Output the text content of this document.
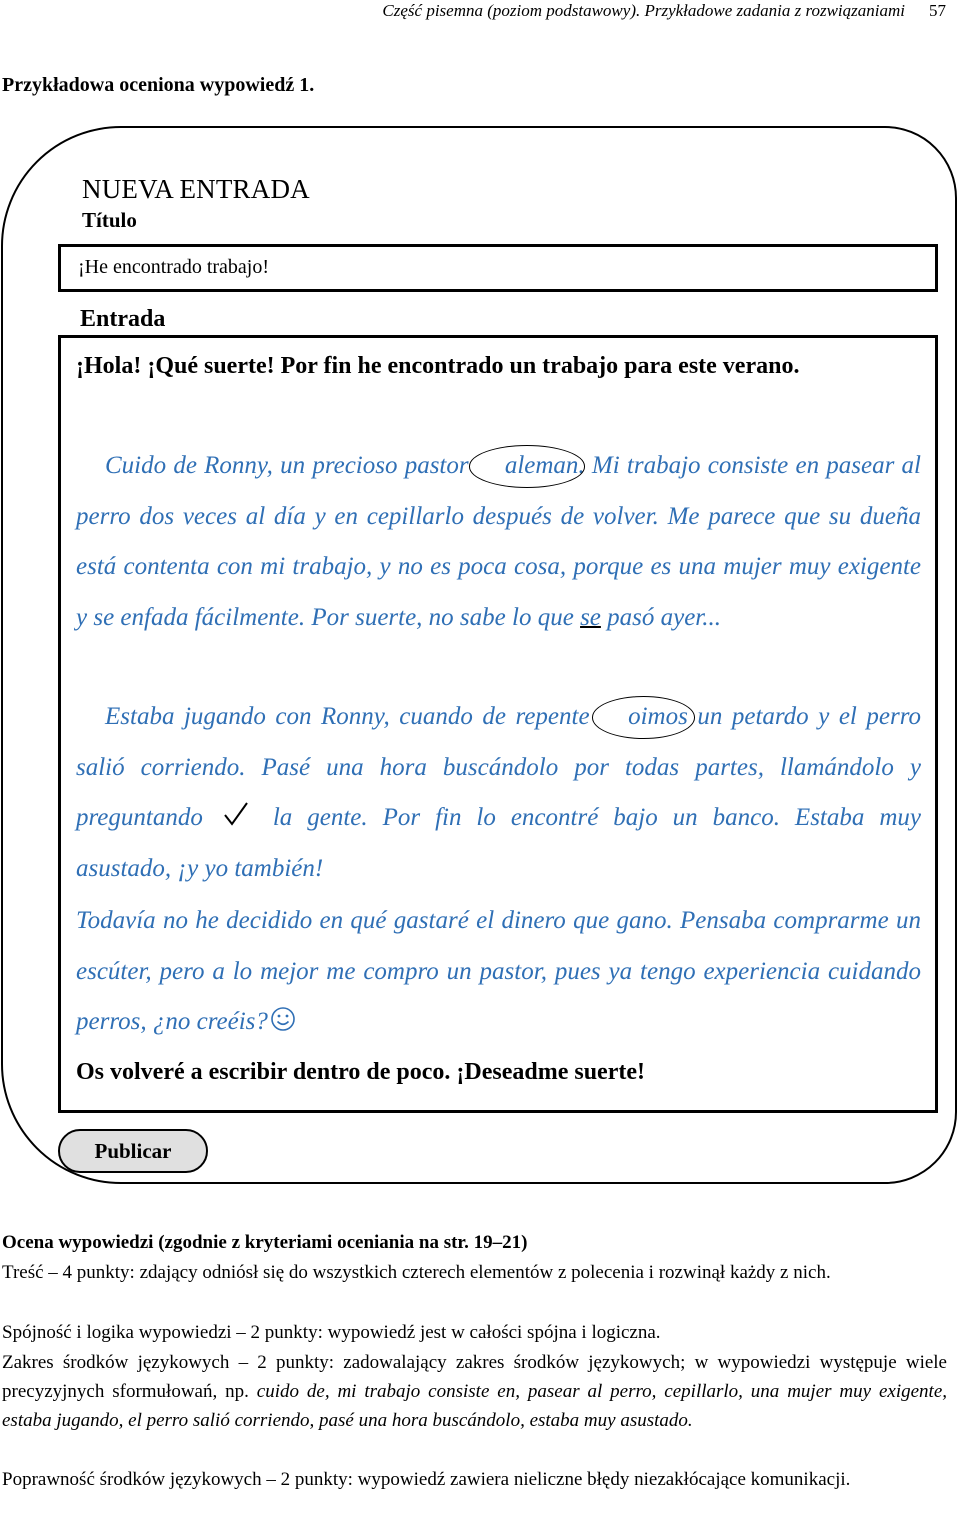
Część pisemna (poziom podstawowy). Przykładowe zadania z rozwiązaniami 57
Przykładowa oceniona wypowiedź 1.
NUEVA ENTRADA
Título
¡He encontrado trabajo!
Entrada

¡Hola! ¡Qué suerte! Por fin he encontrado un trabajo para este verano.

Cuido de Ronny, un precioso pastor aleman
. Mi trabajo consiste en pasear al perro dos veces al día y en cepillarlo después de volver. Me parece que su dueña está contenta con mi trabajo, y no es poca cosa, porque es una mujer muy exigente y se enfada fácilmente. Por suerte, no sabe lo que se pasó ayer...

Estaba jugando con Ronny, cuando de repente oimos
un petardo y el perro salió corriendo. Pasé una hora buscándolo por todas partes, llamándolo y preguntando	la gente. Por fin lo encontré bajo un banco. Estaba muy asustado, ¡y yo también!

Todavía no he decidido en qué gastaré el dinero que gano. Pensaba comprarme un escúter, pero a lo mejor me compro un pastor, pues ya tengo experiencia cuidando perros, ¿no creéis?

Os volveré a escribir dentro de poco. ¡Deseadme suerte!

Publicar

Ocena wypowiedzi (zgodnie z kryteriami oceniania na str. 19–21)

Treść – 4 punkty: zdający odniósł się do wszystkich czterech elementów z polecenia i rozwinął każdy z nich.

Spójność i logika wypowiedzi – 2 punkty: wypowiedź jest w całości spójna i logiczna.

Zakres środków językowych – 2 punkty: zadowalający zakres środków językowych; w wypowiedzi występuje wiele precyzyjnych sformułowań, np. cuido de, mi trabajo consiste en, pasear al perro, cepillarlo, una mujer muy exigente, estaba jugando, el perro salió corriendo, pasé una hora buscándolo, estaba muy asustado.

Poprawność środków językowych – 2 punkty: wypowiedź zawiera nieliczne błędy niezakłócające komunikacji.
